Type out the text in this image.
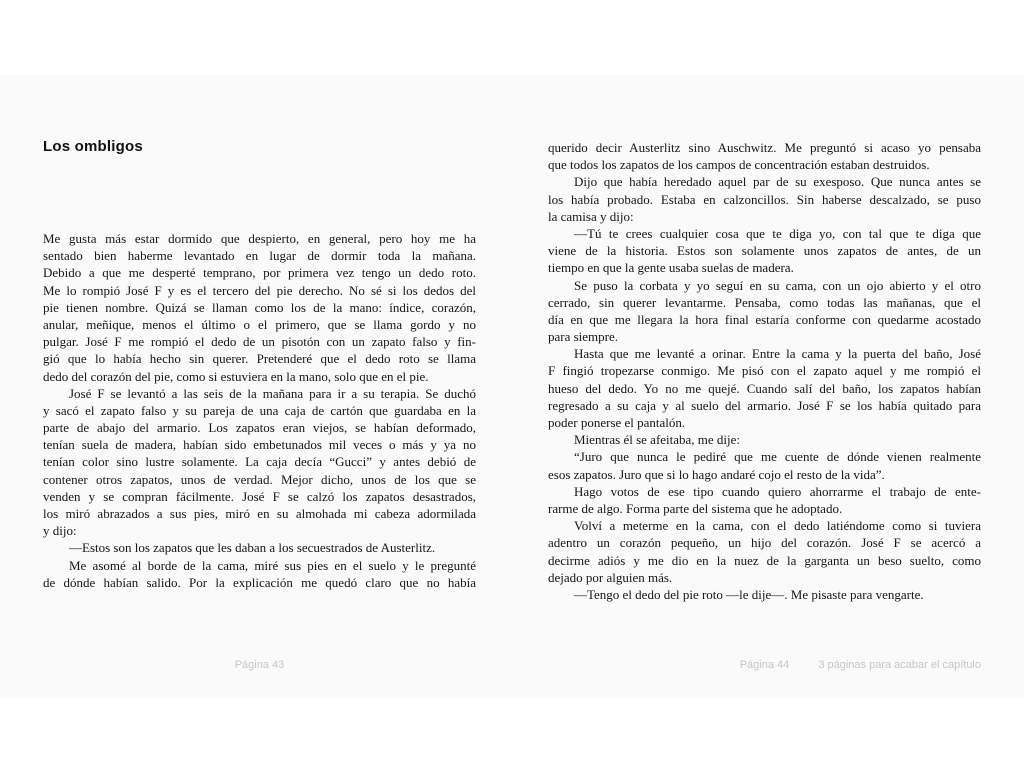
Los ombligos
Me gusta más estar dormido que despierto, en general, pero hoy me ha
sentado bien haberme levantado en lugar de dormir toda la mañana.
Debido a que me desperté temprano, por primera vez tengo un dedo roto.
Me lo rompió José F y es el tercero del pie derecho. No sé si los dedos del
pie tienen nombre. Quizá se llaman como los de la mano: índice, corazón,
anular, meñique, menos el último o el primero, que se llama gordo y no
pulgar. José F me rompió el dedo de un pisotón con un zapato falso y fin-
gió que lo había hecho sin querer. Pretenderé que el dedo roto se llama
dedo del corazón del pie, como si estuviera en la mano, solo que en el pie.
José F se levantó a las seis de la mañana para ir a su terapia. Se duchó
y sacó el zapato falso y su pareja de una caja de cartón que guardaba en la
parte de abajo del armario. Los zapatos eran viejos, se habían deformado,
tenían suela de madera, habían sido embetunados mil veces o más y ya no
tenían color sino lustre solamente. La caja decía “Gucci” y antes debió de
contener otros zapatos, unos de verdad. Mejor dicho, unos de los que se
venden y se compran fácilmente. José F se calzó los zapatos desastrados,
los miró abrazados a sus pies, miró en su almohada mi cabeza adormilada
y dijo:
—Estos son los zapatos que les daban a los secuestrados de Austerlitz.
Me asomé al borde de la cama, miré sus pies en el suelo y le pregunté
de dónde habían salido. Por la explicación me quedó claro que no había
querido decir Austerlitz sino Auschwitz. Me preguntó si acaso yo pensaba
que todos los zapatos de los campos de concentración estaban destruidos.
Dijo que había heredado aquel par de su exesposo. Que nunca antes se
los había probado. Estaba en calzoncillos. Sin haberse descalzado, se puso
la camisa y dijo:
—Tú te crees cualquier cosa que te diga yo, con tal que te diga que
viene de la historia. Estos son solamente unos zapatos de antes, de un
tiempo en que la gente usaba suelas de madera.
Se puso la corbata y yo seguí en su cama, con un ojo abierto y el otro
cerrado, sin querer levantarme. Pensaba, como todas las mañanas, que el
día en que me llegara la hora final estaría conforme con quedarme acostado
para siempre.
Hasta que me levanté a orinar. Entre la cama y la puerta del baño, José
F fingió tropezarse conmigo. Me pisó con el zapato aquel y me rompió el
hueso del dedo. Yo no me quejé. Cuando salí del baño, los zapatos habían
regresado a su caja y al suelo del armario. José F se los había quitado para
poder ponerse el pantalón.
Mientras él se afeitaba, me dije:
“Juro que nunca le pediré que me cuente de dónde vienen realmente
esos zapatos. Juro que si lo hago andaré cojo el resto de la vida”.
Hago votos de ese tipo cuando quiero ahorrarme el trabajo de ente-
rarme de algo. Forma parte del sistema que he adoptado.
Volví a meterme en la cama, con el dedo latiéndome como si tuviera
adentro un corazón pequeño, un hijo del corazón. José F se acercó a
decirme adiós y me dio en la nuez de la garganta un beso suelto, como
dejado por alguien más.
—Tengo el dedo del pie roto —le dije—. Me pisaste para vengarte.
Página 43	Página 44	3 páginas para acabar el capítulo
